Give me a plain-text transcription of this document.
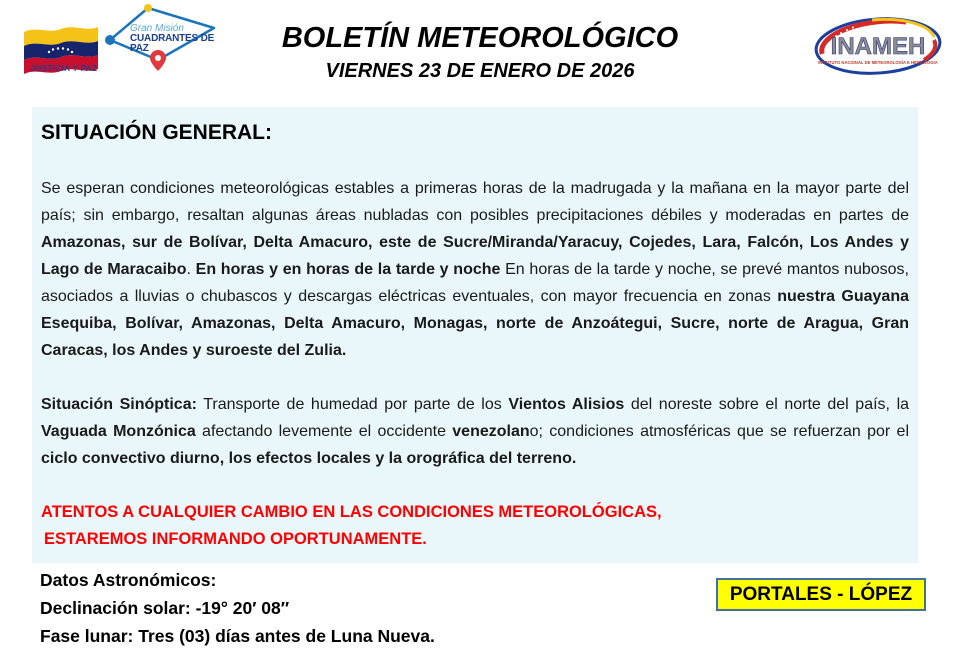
JUSTICIA Y PAZ
Gran Misión
CUADRANTES DE PAZ	BOLETÍN METEOROLÓGICO
VIERNES 23 DE ENERO DE 2026
INAMEH
INSTITUTO NACIONAL DE METEOROLOGÍA E HIDROLOGÍA
SITUACIÓN GENERAL:
Se esperan condiciones meteorológicas estables a primeras horas de la madrugada y la mañana en la mayor parte del país; sin embargo, resaltan algunas áreas nubladas con posibles precipitaciones débiles y moderadas en partes de Amazonas, sur de Bolívar, Delta Amacuro, este de Sucre/Miranda/Yaracuy, Cojedes, Lara, Falcón, Los Andes y Lago de Maracaibo. En horas y en horas de la tarde y noche En horas de la tarde y noche, se prevé mantos nubosos, asociados a lluvias o chubascos y descargas eléctricas eventuales, con mayor frecuencia en zonas nuestra Guayana Esequiba, Bolívar, Amazonas, Delta Amacuro, Monagas, norte de Anzoátegui, Sucre, norte de Aragua, Gran Caracas, los Andes y suroeste del Zulia.
Situación Sinóptica: Transporte de humedad por parte de los Vientos Alisios del noreste sobre el norte del país, la Vaguada Monzónica afectando levemente el occidente venezolano; condiciones atmosféricas que se refuerzan por el ciclo convectivo diurno, los efectos locales y la orográfica del terreno.
ATENTOS A CUALQUIER CAMBIO EN LAS CONDICIONES METEOROLÓGICAS,
ESTAREMOS INFORMANDO OPORTUNAMENTE.
Datos Astronómicos:
Declinación solar: -19° 20′ 08″
Fase lunar: Tres (03) días antes de Luna Nueva.
PORTALES - LÓPEZ
